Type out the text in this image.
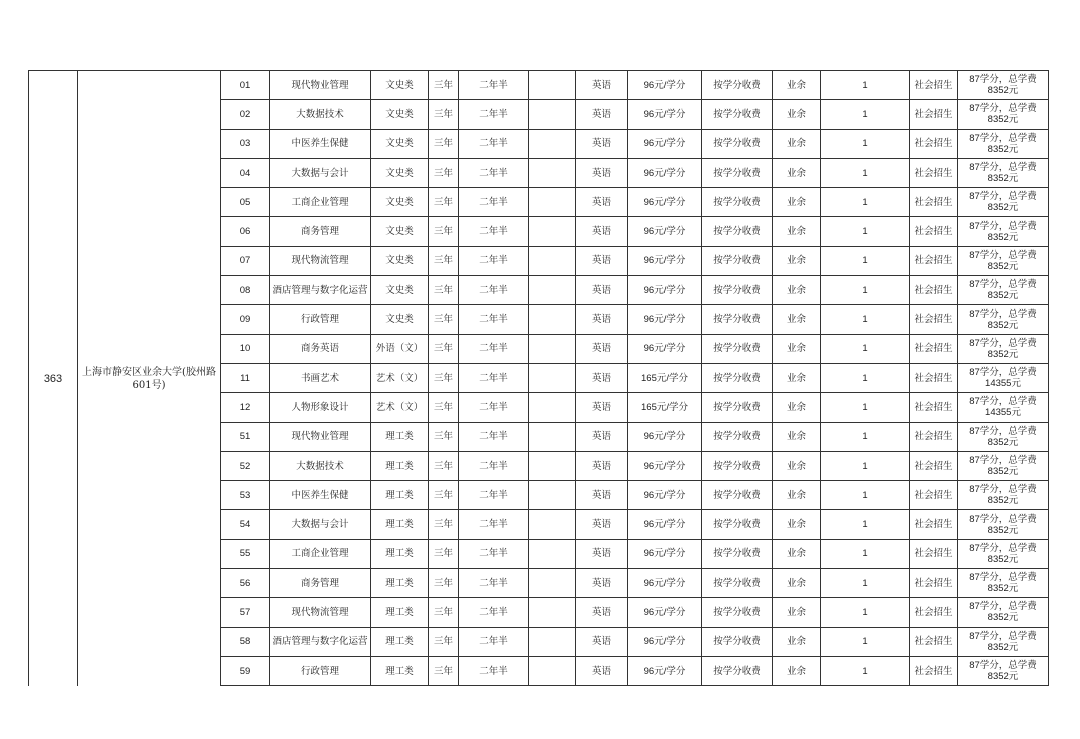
363
上海市静安区业余大学(胶州路601号)
01	现代物业管理	文史类	三年	二年半		英语	96元/学分	按学分收费	业余	1	社会招生	87学分，总学费
8352元

02	大数据技术	文史类	三年	二年半		英语	96元/学分	按学分收费	业余	1	社会招生	87学分，总学费
8352元

03	中医养生保健	文史类	三年	二年半		英语	96元/学分	按学分收费	业余	1	社会招生	87学分，总学费
8352元

04	大数据与会计	文史类	三年	二年半		英语	96元/学分	按学分收费	业余	1	社会招生	87学分，总学费
8352元

05	工商企业管理	文史类	三年	二年半		英语	96元/学分	按学分收费	业余	1	社会招生	87学分，总学费
8352元

06	商务管理	文史类	三年	二年半		英语	96元/学分	按学分收费	业余	1	社会招生	87学分，总学费
8352元

07	现代物流管理	文史类	三年	二年半		英语	96元/学分	按学分收费	业余	1	社会招生	87学分，总学费
8352元

08	酒店管理与数字化运营	文史类	三年	二年半		英语	96元/学分	按学分收费	业余	1	社会招生	87学分，总学费
8352元

09	行政管理	文史类	三年	二年半		英语	96元/学分	按学分收费	业余	1	社会招生	87学分，总学费
8352元

10	商务英语	外语（文）	三年	二年半		英语	96元/学分	按学分收费	业余	1	社会招生	87学分，总学费
8352元

11	书画艺术	艺术（文）	三年	二年半		英语	165元/学分	按学分收费	业余	1	社会招生	87学分，总学费
14355元

12	人物形象设计	艺术（文）	三年	二年半		英语	165元/学分	按学分收费	业余	1	社会招生	87学分，总学费
14355元

51	现代物业管理	理工类	三年	二年半		英语	96元/学分	按学分收费	业余	1	社会招生	87学分，总学费
8352元

52	大数据技术	理工类	三年	二年半		英语	96元/学分	按学分收费	业余	1	社会招生	87学分，总学费
8352元

53	中医养生保健	理工类	三年	二年半		英语	96元/学分	按学分收费	业余	1	社会招生	87学分，总学费
8352元

54	大数据与会计	理工类	三年	二年半		英语	96元/学分	按学分收费	业余	1	社会招生	87学分，总学费
8352元

55	工商企业管理	理工类	三年	二年半		英语	96元/学分	按学分收费	业余	1	社会招生	87学分，总学费
8352元

56	商务管理	理工类	三年	二年半		英语	96元/学分	按学分收费	业余	1	社会招生	87学分，总学费
8352元

57	现代物流管理	理工类	三年	二年半		英语	96元/学分	按学分收费	业余	1	社会招生	87学分，总学费
8352元

58	酒店管理与数字化运营	理工类	三年	二年半		英语	96元/学分	按学分收费	业余	1	社会招生	87学分，总学费
8352元

59	行政管理	理工类	三年	二年半		英语	96元/学分	按学分收费	业余	1	社会招生	87学分，总学费
8352元
